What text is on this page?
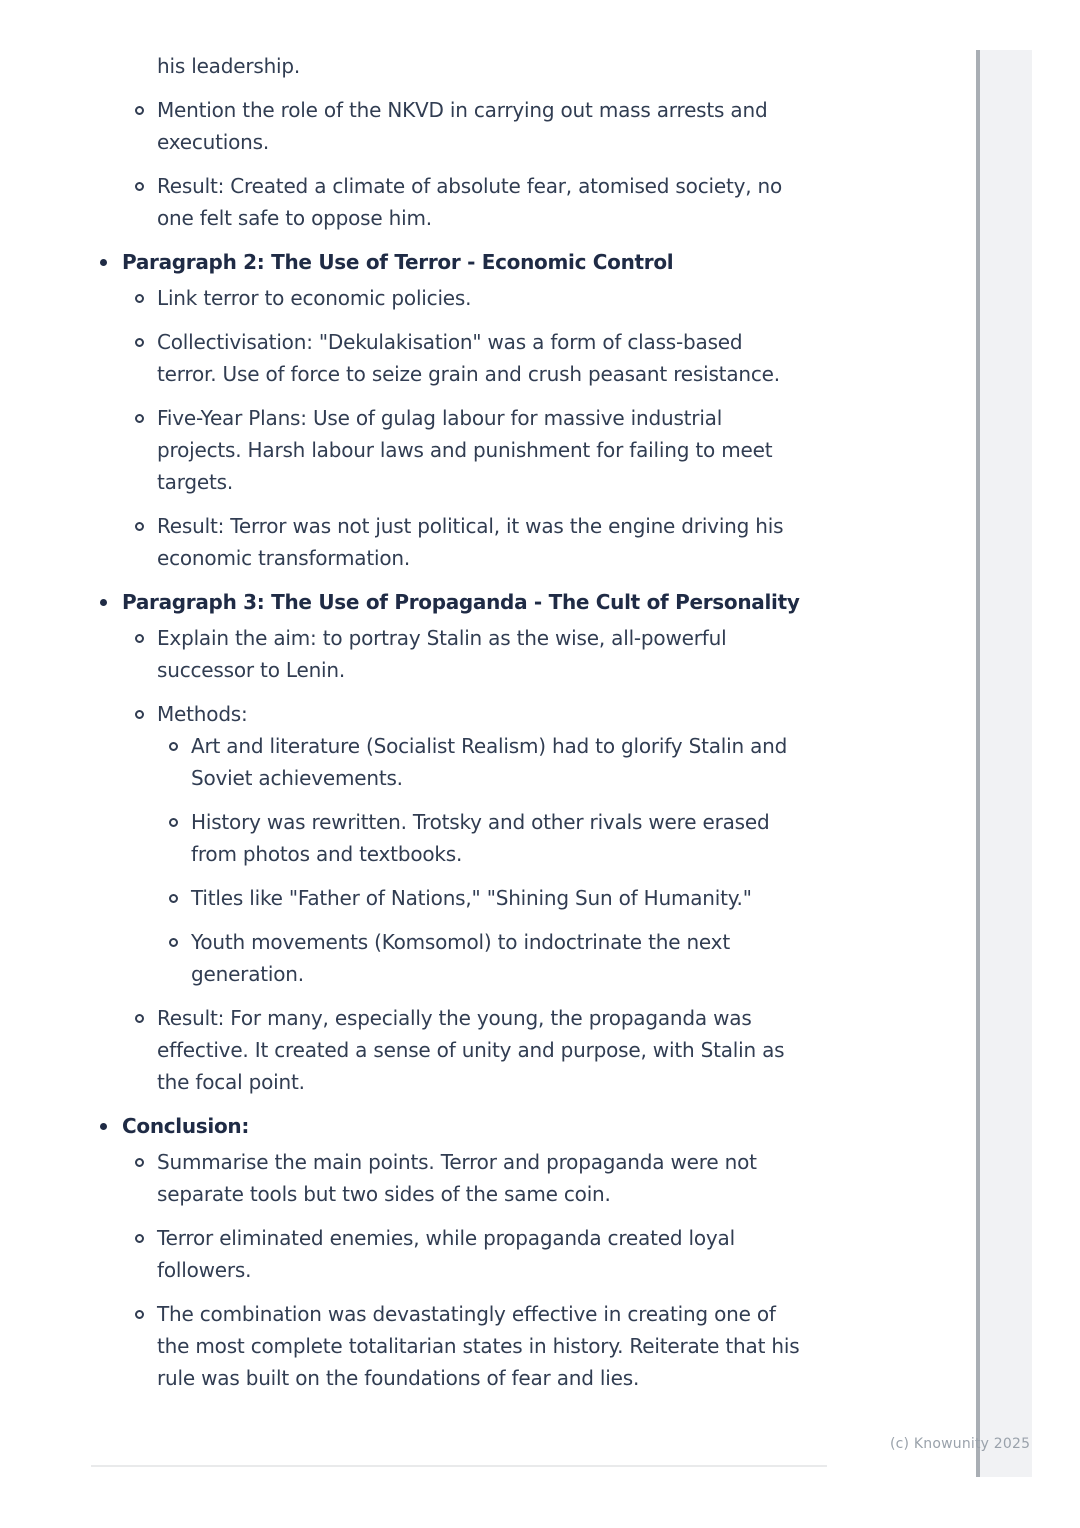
his leadership.
Mention the role of the NKVD in carrying out mass arrests and
executions.
Result: Created a climate of absolute fear, atomised society, no
one felt safe to oppose him.
Paragraph 2: The Use of Terror - Economic Control
Link terror to economic policies.
Collectivisation: "Dekulakisation" was a form of class-based
terror. Use of force to seize grain and crush peasant resistance.
Five-Year Plans: Use of gulag labour for massive industrial
projects. Harsh labour laws and punishment for failing to meet
targets.
Result: Terror was not just political, it was the engine driving his
economic transformation.
Paragraph 3: The Use of Propaganda - The Cult of Personality
Explain the aim: to portray Stalin as the wise, all-powerful
successor to Lenin.
Methods:
Art and literature (Socialist Realism) had to glorify Stalin and
Soviet achievements.
History was rewritten. Trotsky and other rivals were erased
from photos and textbooks.
Titles like "Father of Nations," "Shining Sun of Humanity."
Youth movements (Komsomol) to indoctrinate the next
generation.
Result: For many, especially the young, the propaganda was
effective. It created a sense of unity and purpose, with Stalin as
the focal point.
Conclusion:
Summarise the main points. Terror and propaganda were not
separate tools but two sides of the same coin.
Terror eliminated enemies, while propaganda created loyal
followers.
The combination was devastatingly effective in creating one of
the most complete totalitarian states in history. Reiterate that his
rule was built on the foundations of fear and lies.
(c) Knowunity 2025
